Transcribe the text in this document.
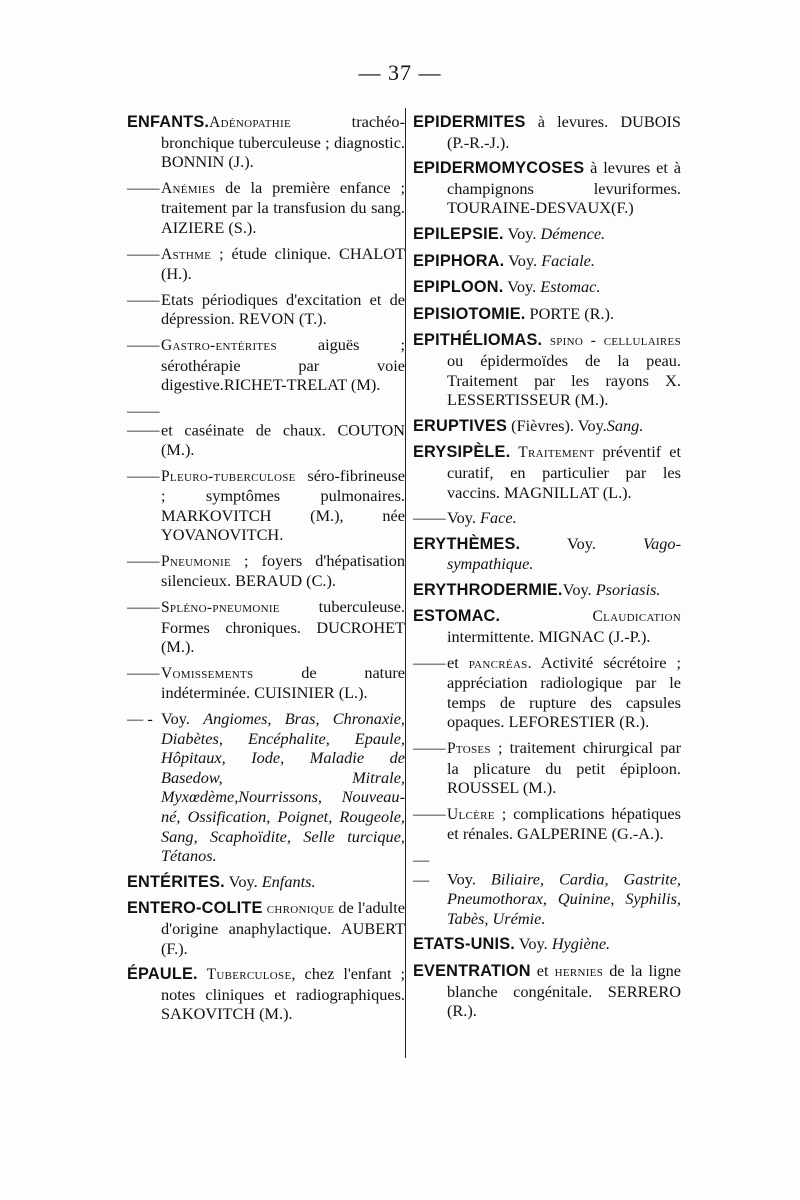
— 37 —

ENFANTS.Adénopathie trachéo-bronchique tuberculeuse ; diagnostic. BONNIN (J.).

——Anémies de la première enfance ; traitement par la transfusion du sang. AIZIERE (S.).

——Asthme ; étude clinique. CHALOT (H.).

——Etats périodiques d'excitation et de dépression. REVON (T.).

——Gastro-entérites aiguës ; sérothérapie par voie digestive.RICHET-TRELAT (M).

—— ——et caséinate de chaux. COUTON (M.).

——Pleuro-tuberculose séro-fibrineuse ; symptômes pulmonaires. MARKOVITCH (M.), née YOVANOVITCH.

——Pneumonie ; foyers d'hépatisation silencieux. BERAUD (C.).

——Spléno-pneumonie tuberculeuse. Formes chroniques. DUCROHET (M.).

——Vomissements de nature indéterminée. CUISINIER (L.).

— - Voy. Angiomes, Bras, Chronaxie, Diabètes, Encéphalite, Epaule, Hôpitaux, Iode, Maladie de Basedow, Mitrale, Myxœdème,Nourrissons, Nouveau-né, Ossification, Poignet, Rougeole, Sang, Scaphoïdite, Selle turcique, Tétanos.

ENTÉRITES. Voy. Enfants.

ENTERO-COLITE chronique de l'adulte d'origine anaphylactique. AUBERT (F.).

ÉPAULE. Tuberculose, chez l'enfant ; notes cliniques et radiographiques. SAKOVITCH (M.).

EPIDERMITES à levures. DUBOIS (P.-R.-J.).

EPIDERMOMYCOSES à levures et à champignons levuriformes. TOURAINE-DESVAUX(F.)

EPILEPSIE. Voy. Démence.

EPIPHORA. Voy. Faciale.

EPIPLOON. Voy. Estomac.

EPISIOTOMIE. PORTE (R.).

EPITHÉLIOMAS. spino - cellulaires ou épidermoïdes de la peau. Traitement par les rayons X. LESSERTISSEUR (M.).

ERUPTIVES (Fièvres). Voy.Sang.

ERYSIPÈLE. Traitement préventif et curatif, en particulier par les vaccins. MAGNILLAT (L.).

——Voy. Face.

ERYTHÈMES. Voy. Vago-sympathique.

ERYTHRODERMIE.Voy. Psoriasis.

ESTOMAC. Claudication intermittente. MIGNAC (J.-P.).

——et pancréas. Activité sécrétoire ; appréciation radiologique par le temps de rupture des capsules opaques. LEFORESTIER (R.).

——Ptoses ; traitement chirurgical par la plicature du petit épiploon. ROUSSEL (M.).

——Ulcère ; complications hépatiques et rénales. GALPERINE (G.-A.).

— — Voy. Biliaire, Cardia, Gastrite, Pneumothorax, Quinine, Syphilis, Tabès, Urémie.

ETATS-UNIS. Voy. Hygiène.

EVENTRATION et hernies de la ligne blanche congénitale. SERRERO (R.).
